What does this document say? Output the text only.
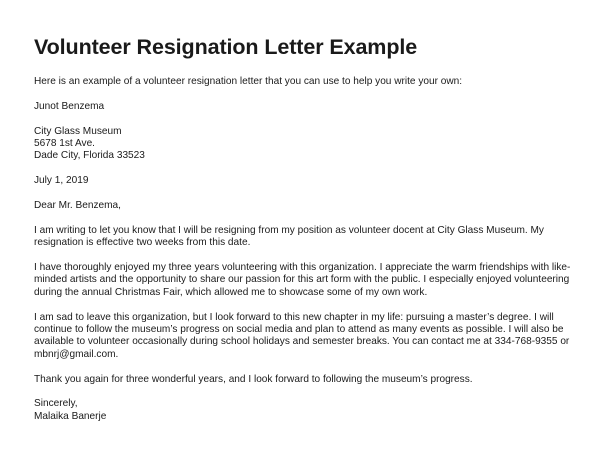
Volunteer Resignation Letter Example

Here is an example of a volunteer resignation letter that you can use to help you write your own:

Junot Benzema

City Glass Museum
5678 1st Ave.
Dade City, Florida 33523

July 1, 2019

Dear Mr. Benzema,

I am writing to let you know that I will be resigning from my position as volunteer docent at City Glass Museum. My
resignation is effective two weeks from this date.

I have thoroughly enjoyed my three years volunteering with this organization. I appreciate the warm friendships with like-
minded artists and the opportunity to share our passion for this art form with the public. I especially enjoyed volunteering
during the annual Christmas Fair, which allowed me to showcase some of my own work.

I am sad to leave this organization, but I look forward to this new chapter in my life: pursuing a master’s degree. I will
continue to follow the museum’s progress on social media and plan to attend as many events as possible. I will also be
available to volunteer occasionally during school holidays and semester breaks. You can contact me at 334-768-9355 or
mbnrj@gmail.com.

Thank you again for three wonderful years, and I look forward to following the museum’s progress.

Sincerely,
Malaika Banerje
